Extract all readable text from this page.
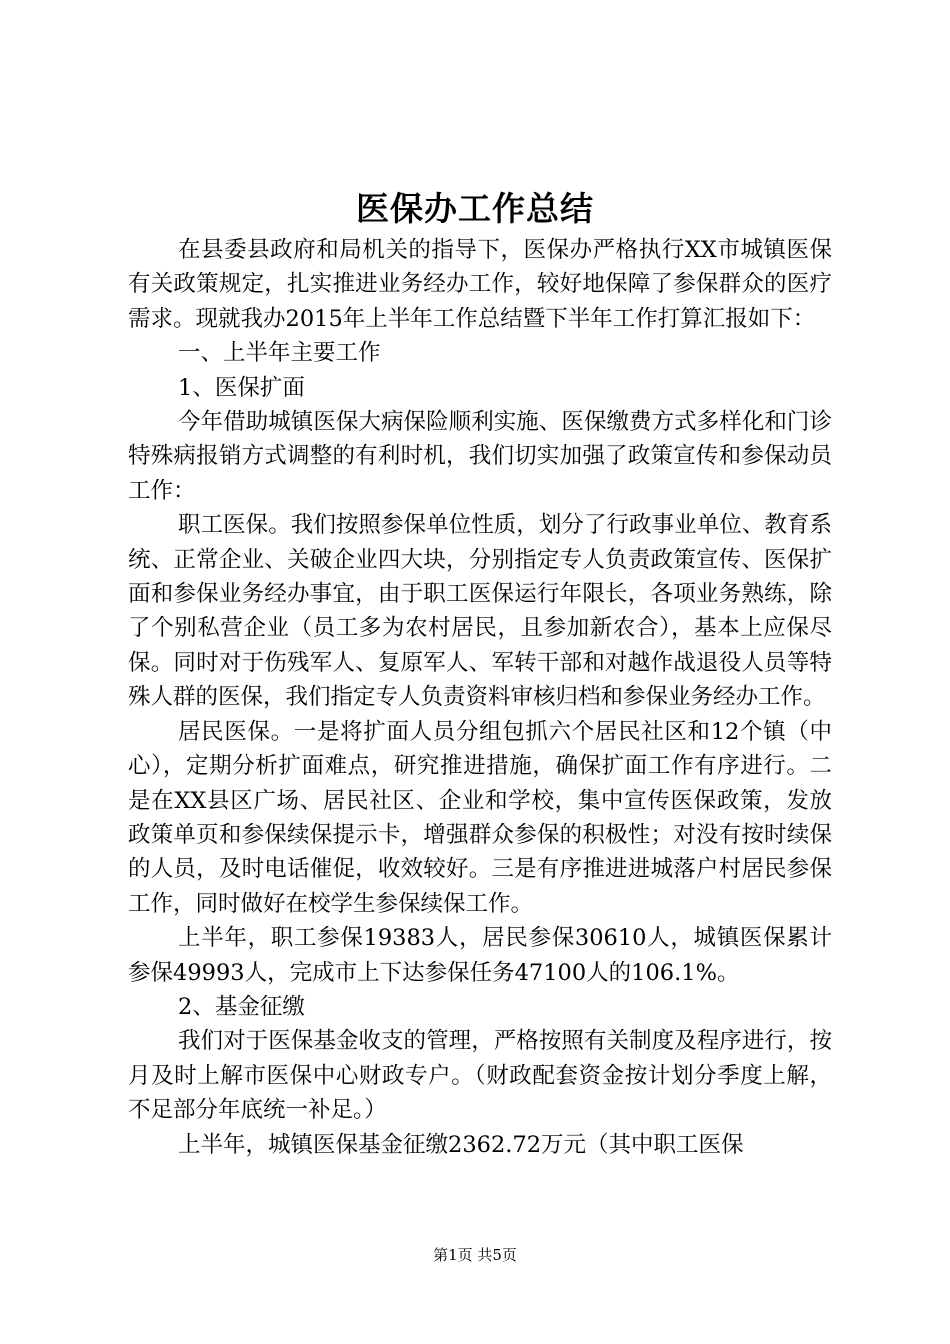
医保办工作总结

在县委县政府和局机关的指导下，医保办严格执行XX市城镇医保有关政策规定，扎实推进业务经办工作，较好地保障了参保群众的医疗需求。现就我办2015年上半年工作总结暨下半年工作打算汇报如下：

一、上半年主要工作

1、医保扩面

今年借助城镇医保大病保险顺利实施、医保缴费方式多样化和门诊特殊病报销方式调整的有利时机，我们切实加强了政策宣传和参保动员工作：

职工医保。我们按照参保单位性质，划分了行政事业单位、教育系统、正常企业、关破企业四大块，分别指定专人负责政策宣传、医保扩面和参保业务经办事宜，由于职工医保运行年限长，各项业务熟练，除了个别私营企业（员工多为农村居民，且参加新农合），基本上应保尽保。同时对于伤残军人、复原军人、军转干部和对越作战退役人员等特殊人群的医保，我们指定专人负责资料审核归档和参保业务经办工作。

居民医保。一是将扩面人员分组包抓六个居民社区和12个镇（中心），定期分析扩面难点，研究推进措施，确保扩面工作有序进行。二是在XX县区广场、居民社区、企业和学校，集中宣传医保政策，发放政策单页和参保续保提示卡，增强群众参保的积极性；对没有按时续保的人员，及时电话催促，收效较好。三是有序推进进城落户村居民参保工作，同时做好在校学生参保续保工作。

上半年，职工参保19383人，居民参保30610人，城镇医保累计参保49993人，完成市上下达参保任务47100人的106.1%。

2、基金征缴

我们对于医保基金收支的管理，严格按照有关制度及程序进行，按月及时上解市医保中心财政专户。（财政配套资金按计划分季度上解，不足部分年底统一补足。）

上半年，城镇医保基金征缴2362.72万元（其中职工医保

第1页 共5页
